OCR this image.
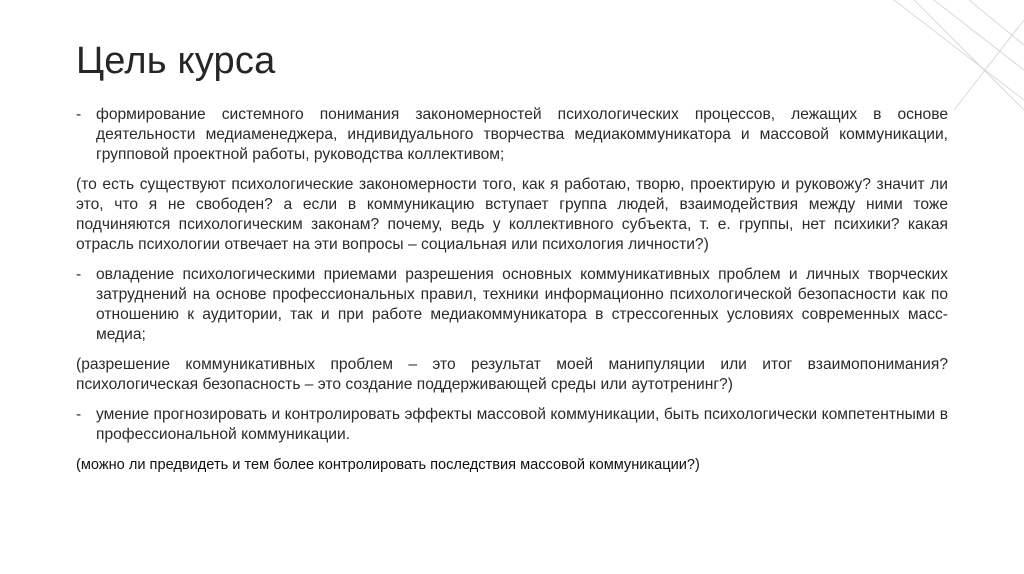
Цель курса
- формирование системного понимания закономерностей психологических процессов, лежащих в основе деятельности медиаменеджера, индивидуального творчества медиакоммуникатора и массовой коммуникации, групповой проектной работы, руководства коллективом;
(то есть существуют психологические закономерности того, как я работаю, творю, проектирую и руковожу? значит ли это, что я не свободен? а если в коммуникацию вступает группа людей, взаимодействия между ними тоже подчиняются психологическим законам? почему, ведь у коллективного субъекта, т. е. группы, нет психики? какая отрасль психологии отвечает на эти вопросы – социальная или психология личности?)
- овладение психологическими приемами разрешения основных коммуникативных проблем и личных творческих затруднений на основе профессиональных правил, техники информационно психологической безопасности как по отношению к аудитории, так и при работе медиакоммуникатора в стрессогенных условиях современных масс-медиа;
(разрешение коммуникативных проблем – это результат моей манипуляции или итог взаимопонимания? психологическая безопасность – это создание поддерживающей среды или аутотренинг?)
- умение прогнозировать и контролировать эффекты массовой коммуникации, быть психологически компетентными в профессиональной коммуникации.
(можно ли предвидеть и тем более контролировать последствия массовой коммуникации?)
